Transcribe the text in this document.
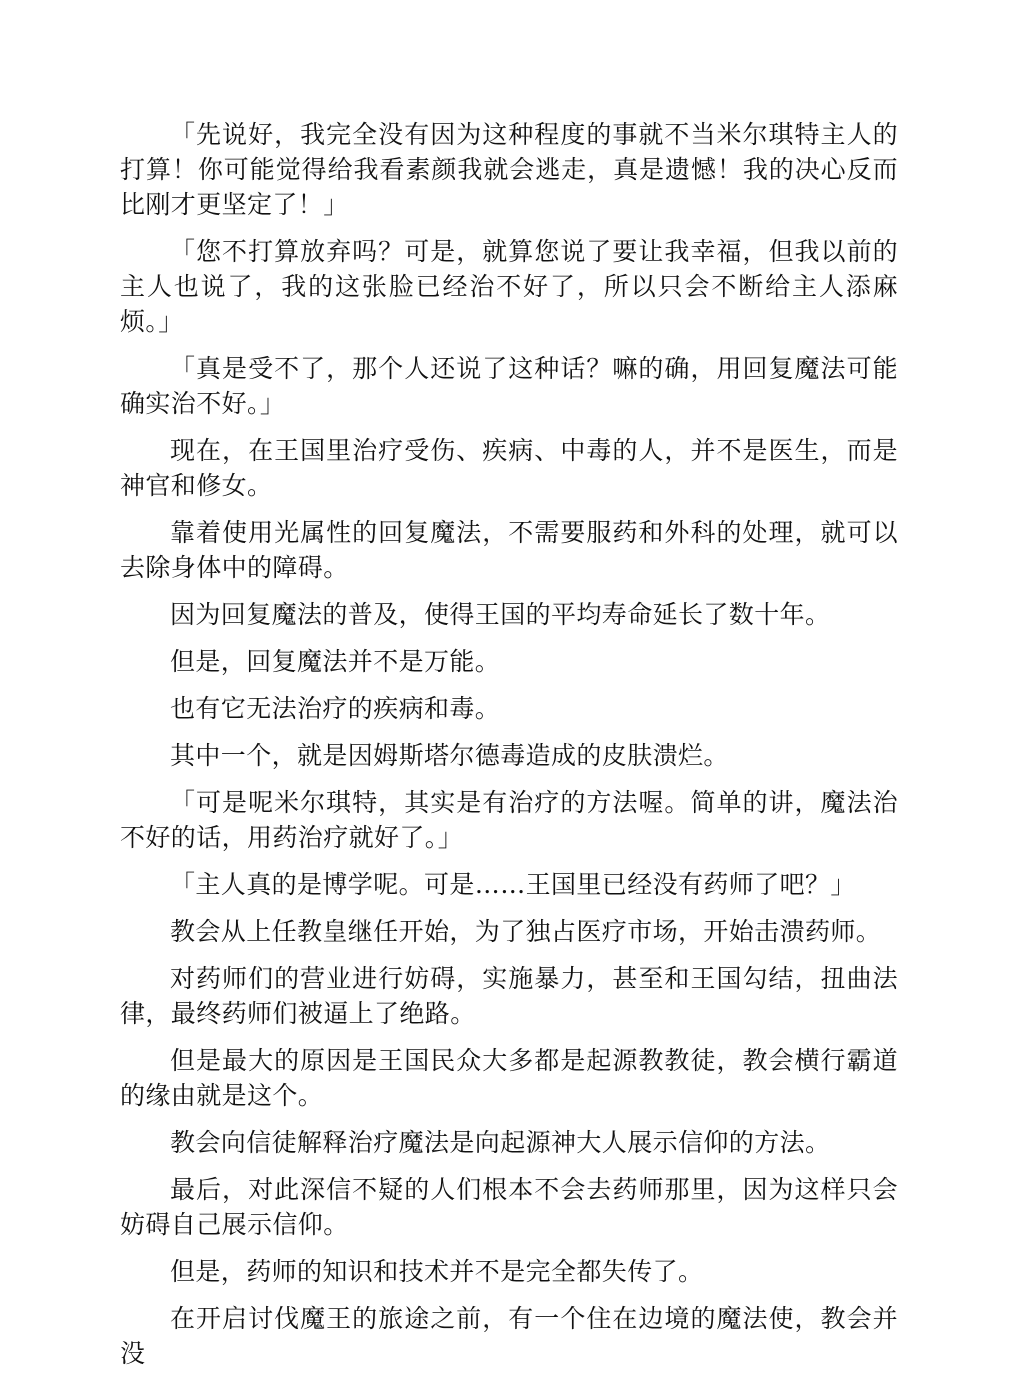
「先说好，我完全没有因为这种程度的事就不当米尔琪特主人的打算！你可能觉得给我看素颜我就会逃走，真是遗憾！我的决心反而比刚才更坚定了！」

「您不打算放弃吗？可是，就算您说了要让我幸福，但我以前的主人也说了，我的这张脸已经治不好了，所以只会不断给主人添麻烦。」

「真是受不了，那个人还说了这种话？嘛的确，用回复魔法可能确实治不好。」

现在，在王国里治疗受伤、疾病、中毒的人，并不是医生，而是神官和修女。

靠着使用光属性的回复魔法，不需要服药和外科的处理，就可以去除身体中的障碍。

因为回复魔法的普及，使得王国的平均寿命延长了数十年。

但是，回复魔法并不是万能。

也有它无法治疗的疾病和毒。

其中一个，就是因姆斯塔尔德毒造成的皮肤溃烂。

「可是呢米尔琪特，其实是有治疗的方法喔。简单的讲，魔法治不好的话，用药治疗就好了。」

「主人真的是博学呢。可是……王国里已经没有药师了吧？」

教会从上任教皇继任开始，为了独占医疗市场，开始击溃药师。

对药师们的营业进行妨碍，实施暴力，甚至和王国勾结，扭曲法律，最终药师们被逼上了绝路。

但是最大的原因是王国民众大多都是起源教教徒，教会横行霸道的缘由就是这个。

教会向信徒解释治疗魔法是向起源神大人展示信仰的方法。

最后，对此深信不疑的人们根本不会去药师那里，因为这样只会妨碍自己展示信仰。

但是，药师的知识和技术并不是完全都失传了。

在开启讨伐魔王的旅途之前，有一个住在边境的魔法使，教会并没
